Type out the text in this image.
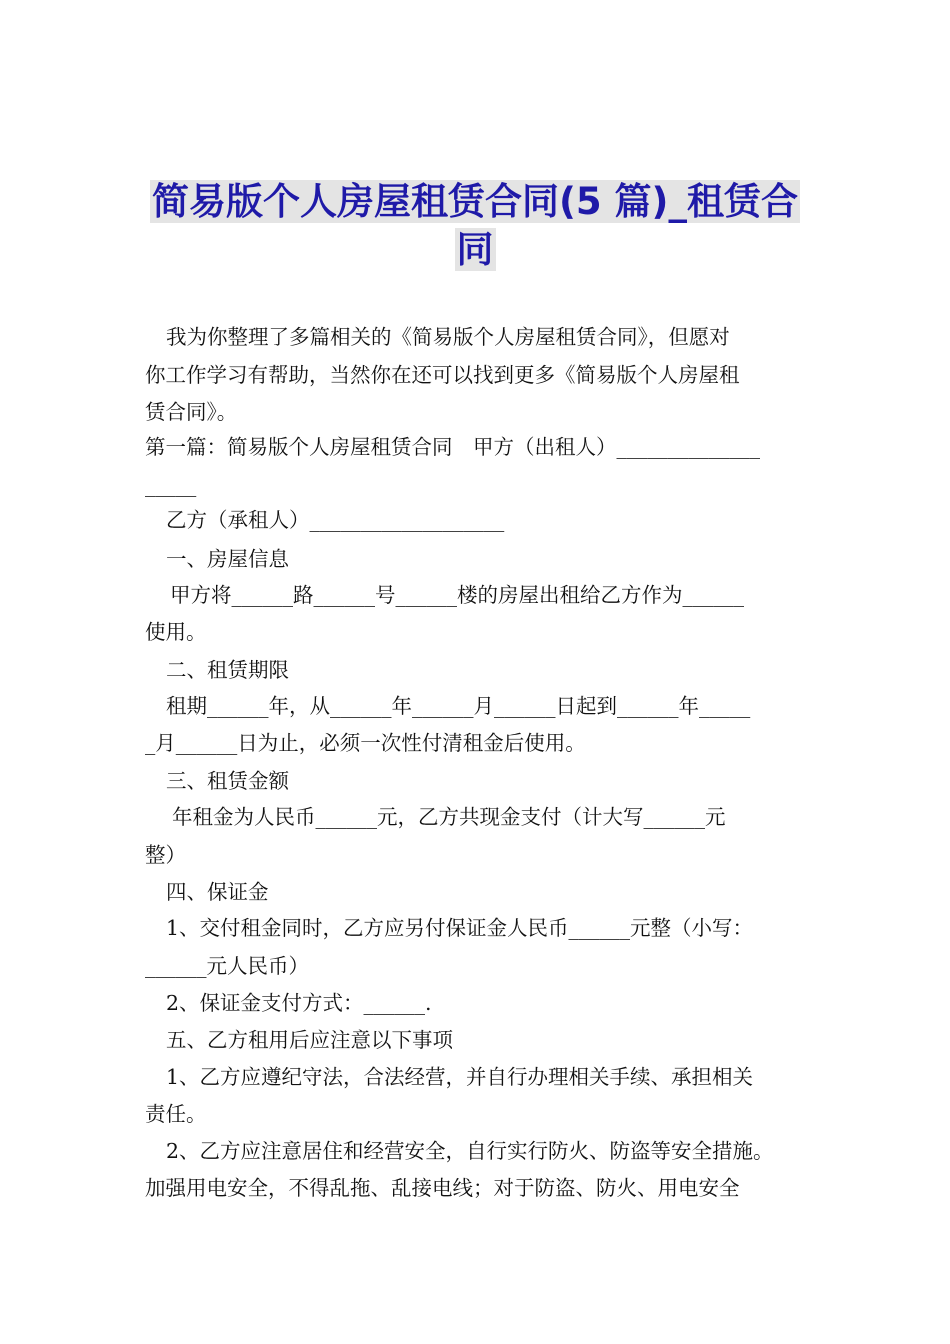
简易版个人房屋租赁合同(5 篇)_租赁合
同
我为你整理了多篇相关的《简易版个人房屋租赁合同》，但愿对
你工作学习有帮助，当然你在还可以找到更多《简易版个人房屋租
赁合同》。
第一篇：简易版个人房屋租赁合同　甲方（出租人）______________
_____
乙方（承租人）___________________
一、房屋信息
甲方将______路______号______楼的房屋出租给乙方作为______
使用。
二、租赁期限
租期______年，从______年______月______日起到______年_____
_月______日为止，必须一次性付清租金后使用。
三、租赁金额
年租金为人民币______元，乙方共现金支付（计大写______元
整）
四、保证金
1、交付租金同时，乙方应另付保证金人民币______元整（小写：
______元人民币）
2、保证金支付方式：______.
五、乙方租用后应注意以下事项
1、乙方应遵纪守法，合法经营，并自行办理相关手续、承担相关
责任。
2、乙方应注意居住和经营安全，自行实行防火、防盗等安全措施。
加强用电安全，不得乱拖、乱接电线；对于防盗、防火、用电安全
